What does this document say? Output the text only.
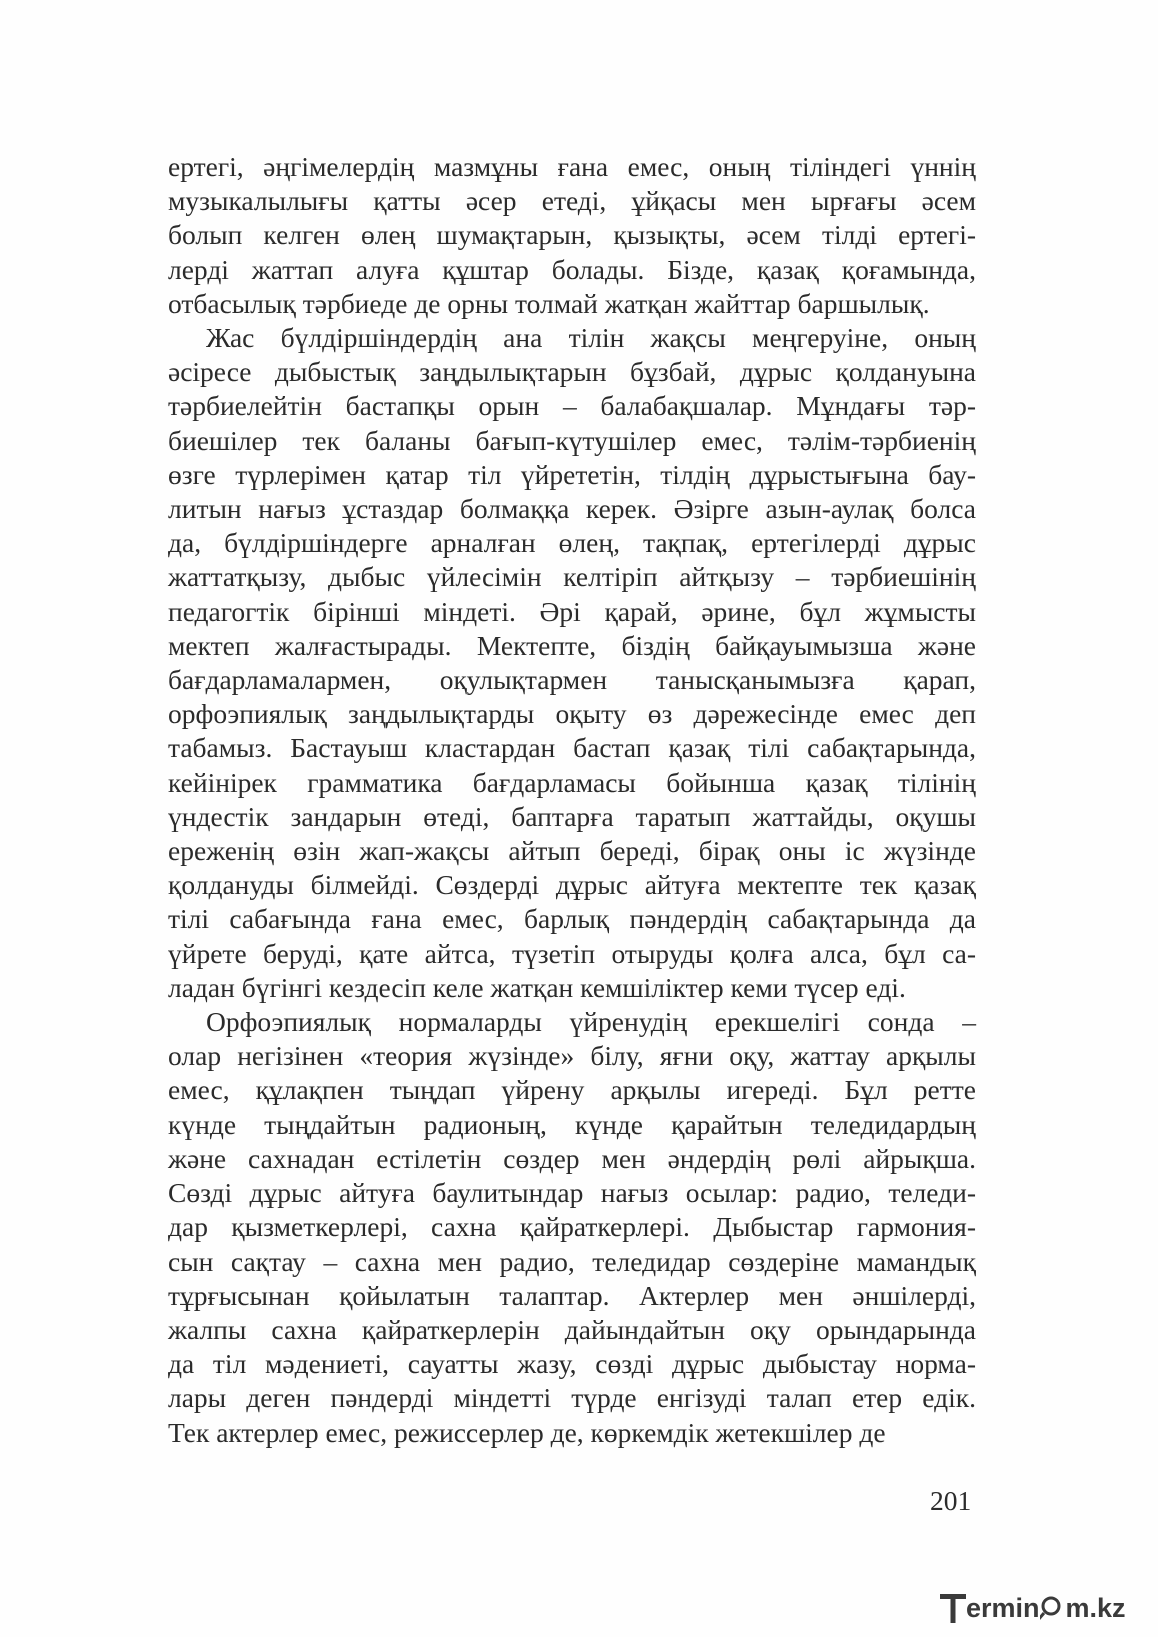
ертегі, әңгімелердің мазмұны ғана емес, оның тіліндегі үннің
музыкалылығы қатты әсер етеді, ұйқасы мен ырғағы әсем
болып келген өлең шумақтарын, қызықты, әсем тілді ертегі-
лерді жаттап алуға құштар болады. Бізде, қазақ қоғамында,
отбасылық тәрбиеде де орны толмай жатқан жайттар баршылық.
Жас бүлдіршіндердің ана тілін жақсы меңгеруіне, оның
әсіресе дыбыстық заңдылықтарын бұзбай, дұрыс қолдануына
тәрбиелейтін бастапқы орын – балабақшалар. Мұндағы тәр-
биешілер тек баланы бағып-күтушілер емес, тәлім-тәрбиенің
өзге түрлерімен қатар тіл үйрететін, тілдің дұрыстығына бау-
литын нағыз ұстаздар болмаққа керек. Әзірге азын-аулақ болса
да, бүлдіршіндерге арналған өлең, тақпақ, ертегілерді дұрыс
жаттатқызу, дыбыс үйлесімін келтіріп айтқызу – тәрбиешінің
педагогтік бірінші міндеті. Әрі қарай, әрине, бұл жұмысты
мектеп жалғастырады. Мектепте, біздің байқауымызша және
бағдарламалармен, оқулықтармен танысқанымызға қарап,
орфоэпиялық заңдылықтарды оқыту өз дәрежесінде емес деп
табамыз. Бастауыш кластардан бастап қазақ тілі сабақтарында,
кейінірек грамматика бағдарламасы бойынша қазақ тілінің
үндестік зандарын өтеді, баптарға таратып жаттайды, оқушы
ереженің өзін жап-жақсы айтып береді, бірақ оны іс жүзінде
қолдануды білмейді. Сөздерді дұрыс айтуға мектепте тек қазақ
тілі сабағында ғана емес, барлық пәндердің сабақтарында да
үйрете беруді, қате айтса, түзетіп отыруды қолға алса, бұл са-
ладан бүгінгі кездесіп келе жатқан кемшіліктер кеми түсер еді.
Орфоэпиялық нормаларды үйренудің ерекшелігі сонда –
олар негізінен «теория жүзінде» білу, яғни оқу, жаттау арқылы
емес, құлақпен тыңдап үйрену арқылы игереді. Бұл ретте
күнде тыңдайтын радионың, күнде қарайтын теледидардың
және сахнадан естілетін сөздер мен әндердің рөлі айрықша.
Сөзді дұрыс айтуға баулитындар нағыз осылар: радио, теледи-
дар қызметкерлері, сахна қайраткерлері. Дыбыстар гармония-
сын сақтау – сахна мен радио, теледидар сөздеріне мамандық
тұрғысынан қойылатын талаптар. Актерлер мен әншілерді,
жалпы сахна қайраткерлерін дайындайтын оқу орындарында
да тіл мәдениеті, сауатты жазу, сөзді дұрыс дыбыстау норма-
лары деген пәндерді міндетті түрде енгізуді талап етер едік.
Тек актерлер емес, режиссерлер де, көркемдік жетекшілер де
201
ermin m.kz
